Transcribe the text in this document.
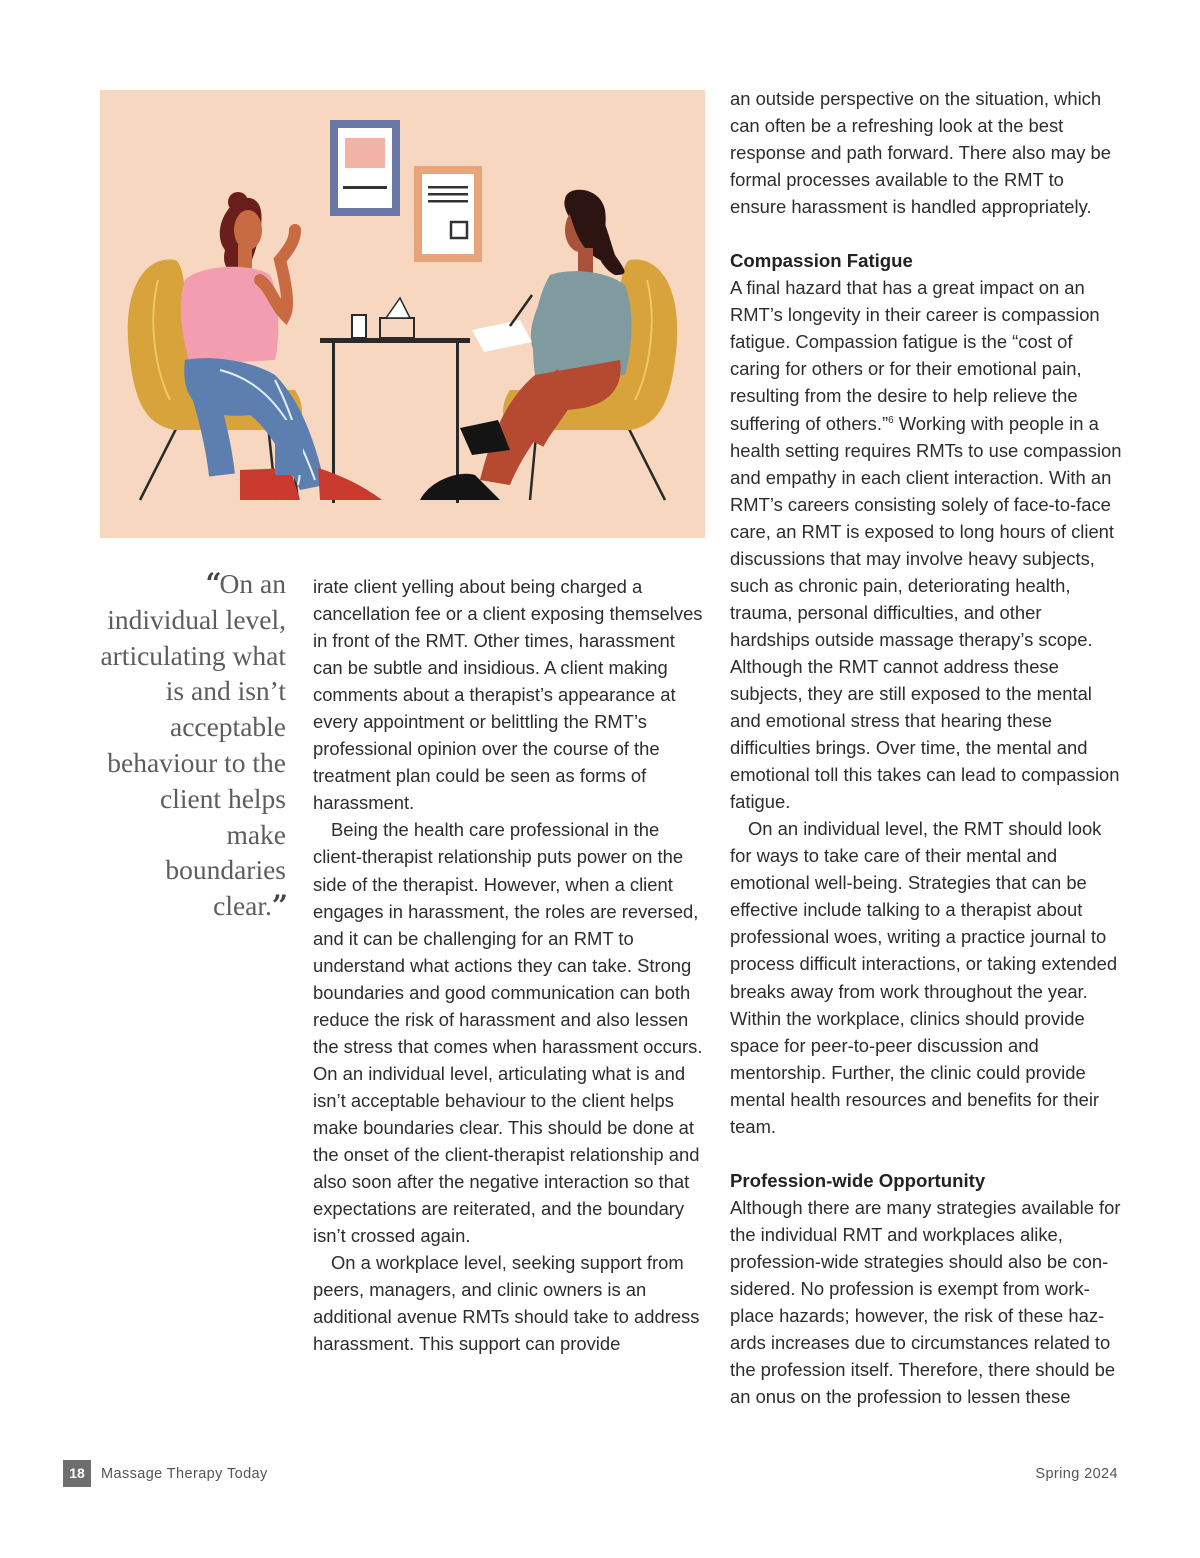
“On an individual level, articulating what is and isn’t acceptable behaviour to the client helps make boundaries clear.”

irate client yelling about being charged a cancellation fee or a client exposing themselves in front of the RMT. Other times, harassment can be subtle and insidious. A client making comments about a therapist’s appearance at every appointment or belittling the RMT’s professional opinion over the course of the treatment plan could be seen as forms of harassment.

Being the health care professional in the client-therapist relationship puts power on the side of the therapist. However, when a client engages in harassment, the roles are reversed, and it can be challenging for an RMT to understand what actions they can take. Strong boundaries and good communication can both reduce the risk of harassment and also lessen the stress that comes when harassment occurs. On an individual level, articulating what is and isn’t acceptable behaviour to the client helps make boundaries clear. This should be done at the onset of the client-therapist relationship and also soon after the negative interaction so that expectations are reiterated, and the boundary isn’t crossed again.

On a workplace level, seeking support from peers, managers, and clinic owners is an additional avenue RMTs should take to address harassment. This support can provide

an outside perspective on the situation, which can often be a refreshing look at the best response and path forward. There also may be formal processes available to the RMT to ensure harassment is handled appropriately.

Compassion Fatigue

A final hazard that has a great impact on an RMT’s longevity in their career is compassion fatigue. Compassion fatigue is the “cost of caring for others or for their emotional pain, resulting from the desire to help relieve the suffering of others.”$^6$ Working with people in a health setting requires RMTs to use compassion and empathy in each client interaction. With an RMT’s careers consisting solely of face-to-face care, an RMT is exposed to long hours of client discussions that may involve heavy subjects, such as chronic pain, deteriorating health, trauma, personal difficulties, and other hardships outside massage therapy’s scope. Although the RMT cannot address these subjects, they are still exposed to the mental and emotional stress that hearing these difficulties brings. Over time, the mental and emotional toll this takes can lead to compassion fatigue.

On an individual level, the RMT should look for ways to take care of their mental and emotional well-being. Strategies that can be effective include talking to a therapist about professional woes, writing a practice journal to process difficult interactions, or taking extended breaks away from work throughout the year. Within the workplace, clinics should provide space for peer-to-peer discussion and mentorship. Further, the clinic could provide mental health resources and benefits for their team.

Profession-wide Opportunity

Although there are many strategies available for the individual RMT and workplaces alike, profession-wide strategies should also be considered. No profession is exempt from workplace hazards; however, the risk of these hazards increases due to circumstances related to the profession itself. Therefore, there should be an onus on the profession to lessen these

18	Massage Therapy Today	Spring 2024
